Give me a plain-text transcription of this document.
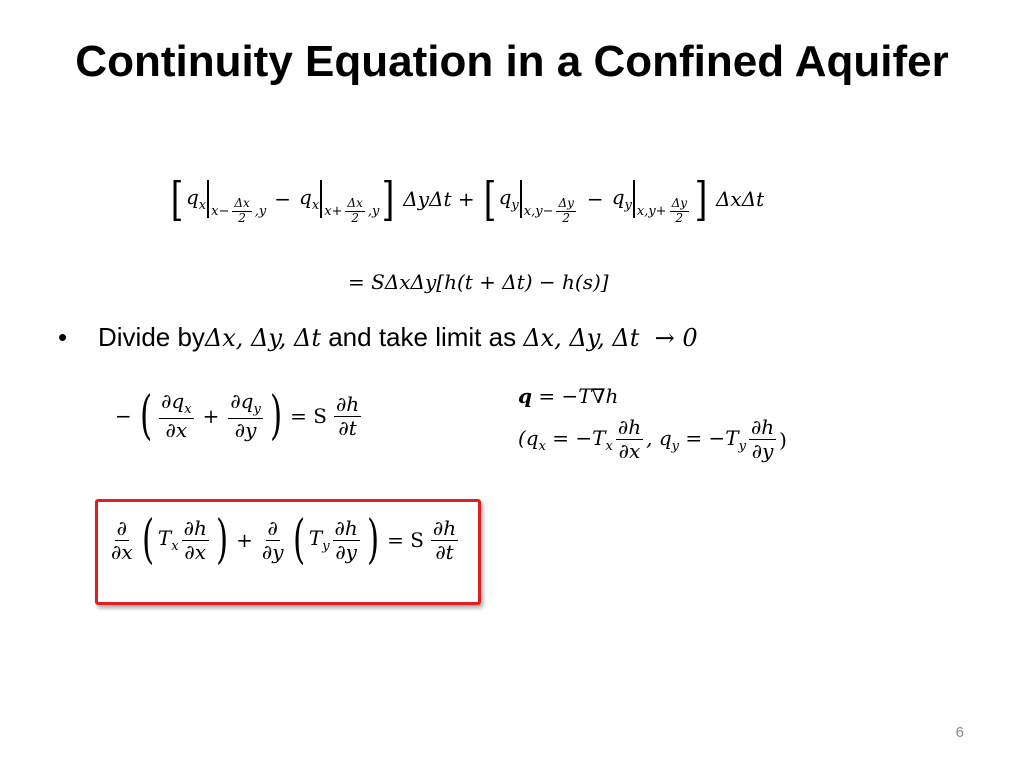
Continuity Equation in a Confined Aquifer
[ $q_x$ $x- \frac{\Delta x}{2} ,y - q_x$ $x+ \frac{\Delta x}{2} ,y$ ] ΔyΔt + [ $q_y$ $x,y- \frac{\Delta y}{2} - q_y$ $x,y+ \frac{\Delta y}{2}$ ] ΔxΔt
= SΔxΔy[h(t + Δt) − h(s)]
•	Divide by Δx, Δy, Δt and take limit as Δx, Δy, Δt  → 0
− ( $\frac{\partial q_x}{\partial x} + \frac{\partial q_y}{\partial y}$ ) = S $\frac{\partial h}{\partial t}$	q = −T∇h
($q_x = -T_x \frac{\partial h}{\partial x}$ , $q_y = -T_y \frac{\partial h}{\partial y}$ )
$\frac{\partial}{\partial x}$ ( $T_x \frac{\partial h}{\partial x}$ ) + $\frac{\partial}{\partial y}$ ( $T_y \frac{\partial h}{\partial y}$ ) = S $\frac{\partial h}{\partial t}$
6
